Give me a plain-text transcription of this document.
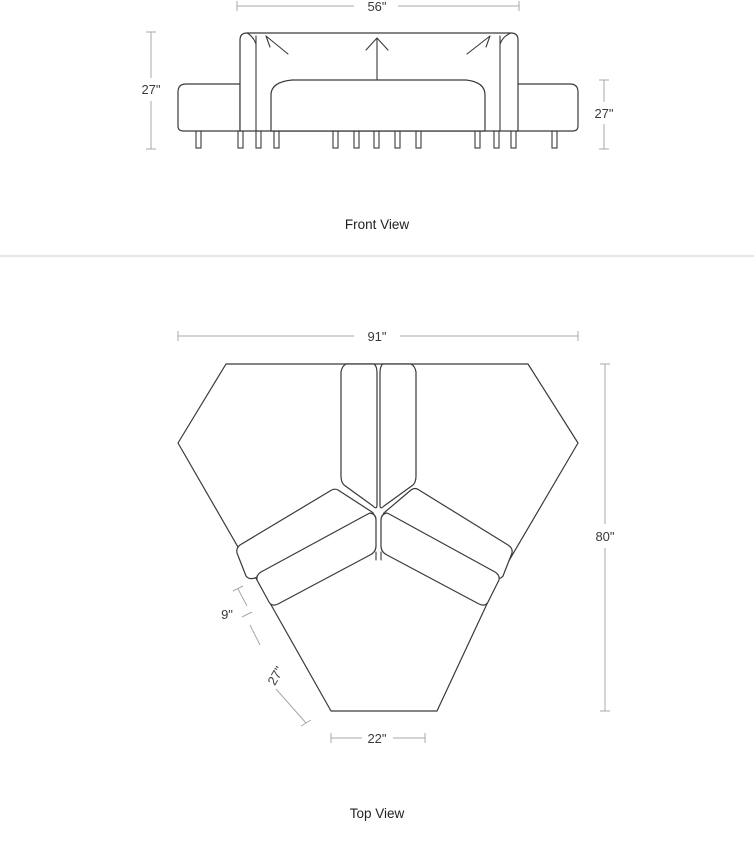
56"
27"
27"
Front View
91"
80"
22"
9"
27"
Top View
